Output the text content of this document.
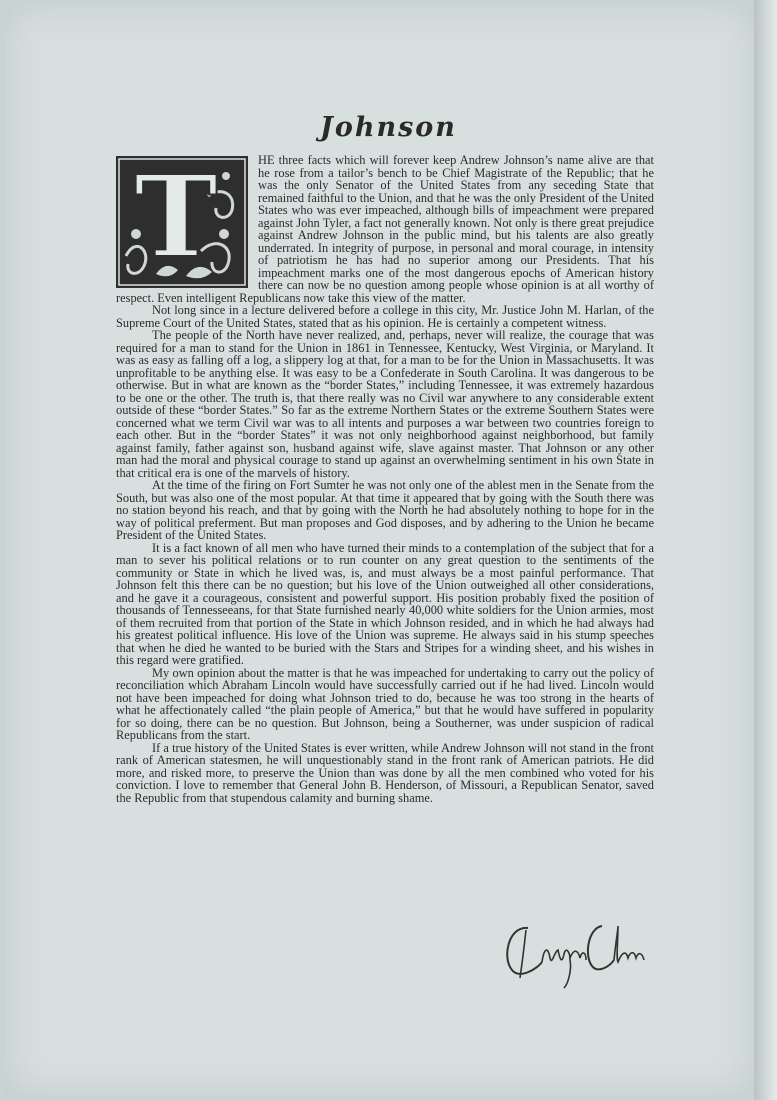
Johnson
T	HE three facts which will forever keep Andrew Johnson’s name alive are that he rose from a tailor’s bench to be Chief Magistrate of the Republic; that he was the only Senator of the United States from any seceding State that remained faithful to the Union, and that he was the only President of the United States who was ever impeached, although bills of impeachment were prepared against John Tyler, a fact not generally known. Not only is there great prejudice against Andrew Johnson in the public mind, but his talents are also greatly underrated. In integrity of purpose, in personal and moral courage, in intensity of patriotism he has had no superior among our Presidents. That his impeachment marks one of the most dangerous epochs of American history there can now be no question among people whose opinion is at all worthy of respect. Even intelligent Republicans now take this view of the matter.

Not long since in a lecture delivered before a college in this city, Mr. Justice John M. Harlan, of the Supreme Court of the United States, stated that as his opinion. He is certainly a competent witness.

The people of the North have never realized, and, perhaps, never will realize, the courage that was required for a man to stand for the Union in 1861 in Tennessee, Kentucky, West Virginia, or Maryland. It was as easy as falling off a log, a slippery log at that, for a man to be for the Union in Massachusetts. It was unprofitable to be anything else. It was easy to be a Confederate in South Carolina. It was dangerous to be otherwise. But in what are known as the “border States,” including Tennessee, it was extremely hazardous to be one or the other. The truth is, that there really was no Civil war anywhere to any considerable extent outside of these “border States.” So far as the extreme Northern States or the extreme Southern States were concerned what we term Civil war was to all intents and purposes a war between two countries foreign to each other. But in the “border States” it was not only neighborhood against neighborhood, but family against family, father against son, husband against wife, slave against master. That Johnson or any other man had the moral and physical courage to stand up against an overwhelming sentiment in his own State in that critical era is one of the marvels of history.

At the time of the firing on Fort Sumter he was not only one of the ablest men in the Senate from the South, but was also one of the most popular. At that time it appeared that by going with the South there was no station beyond his reach, and that by going with the North he had absolutely nothing to hope for in the way of political preferment. But man proposes and God disposes, and by adhering to the Union he became President of the United States.

It is a fact known of all men who have turned their minds to a contemplation of the subject that for a man to sever his political relations or to run counter on any great question to the sentiments of the community or State in which he lived was, is, and must always be a most painful performance. That Johnson felt this there can be no question; but his love of the Union outweighed all other considerations, and he gave it a courageous, consistent and powerful support. His position probably fixed the position of thousands of Tennesseeans, for that State furnished nearly 40,000 white soldiers for the Union armies, most of them recruited from that portion of the State in which Johnson resided, and in which he had always had his greatest political influence. His love of the Union was supreme. He always said in his stump speeches that when he died he wanted to be buried with the Stars and Stripes for a winding sheet, and his wishes in this regard were gratified.

My own opinion about the matter is that he was impeached for undertaking to carry out the policy of reconciliation which Abraham Lincoln would have successfully carried out if he had lived. Lincoln would not have been impeached for doing what Johnson tried to do, because he was too strong in the hearts of what he affectionately called “the plain people of America,” but that he would have suffered in popularity for so doing, there can be no question. But Johnson, being a Southerner, was under suspicion of radical Republicans from the start.

If a true history of the United States is ever written, while Andrew Johnson will not stand in the front rank of American statesmen, he will unquestionably stand in the front rank of American patriots. He did more, and risked more, to preserve the Union than was done by all the men combined who voted for his conviction. I love to remember that General John B. Henderson, of Missouri, a Republican Senator, saved the Republic from that stupendous calamity and burning shame.
